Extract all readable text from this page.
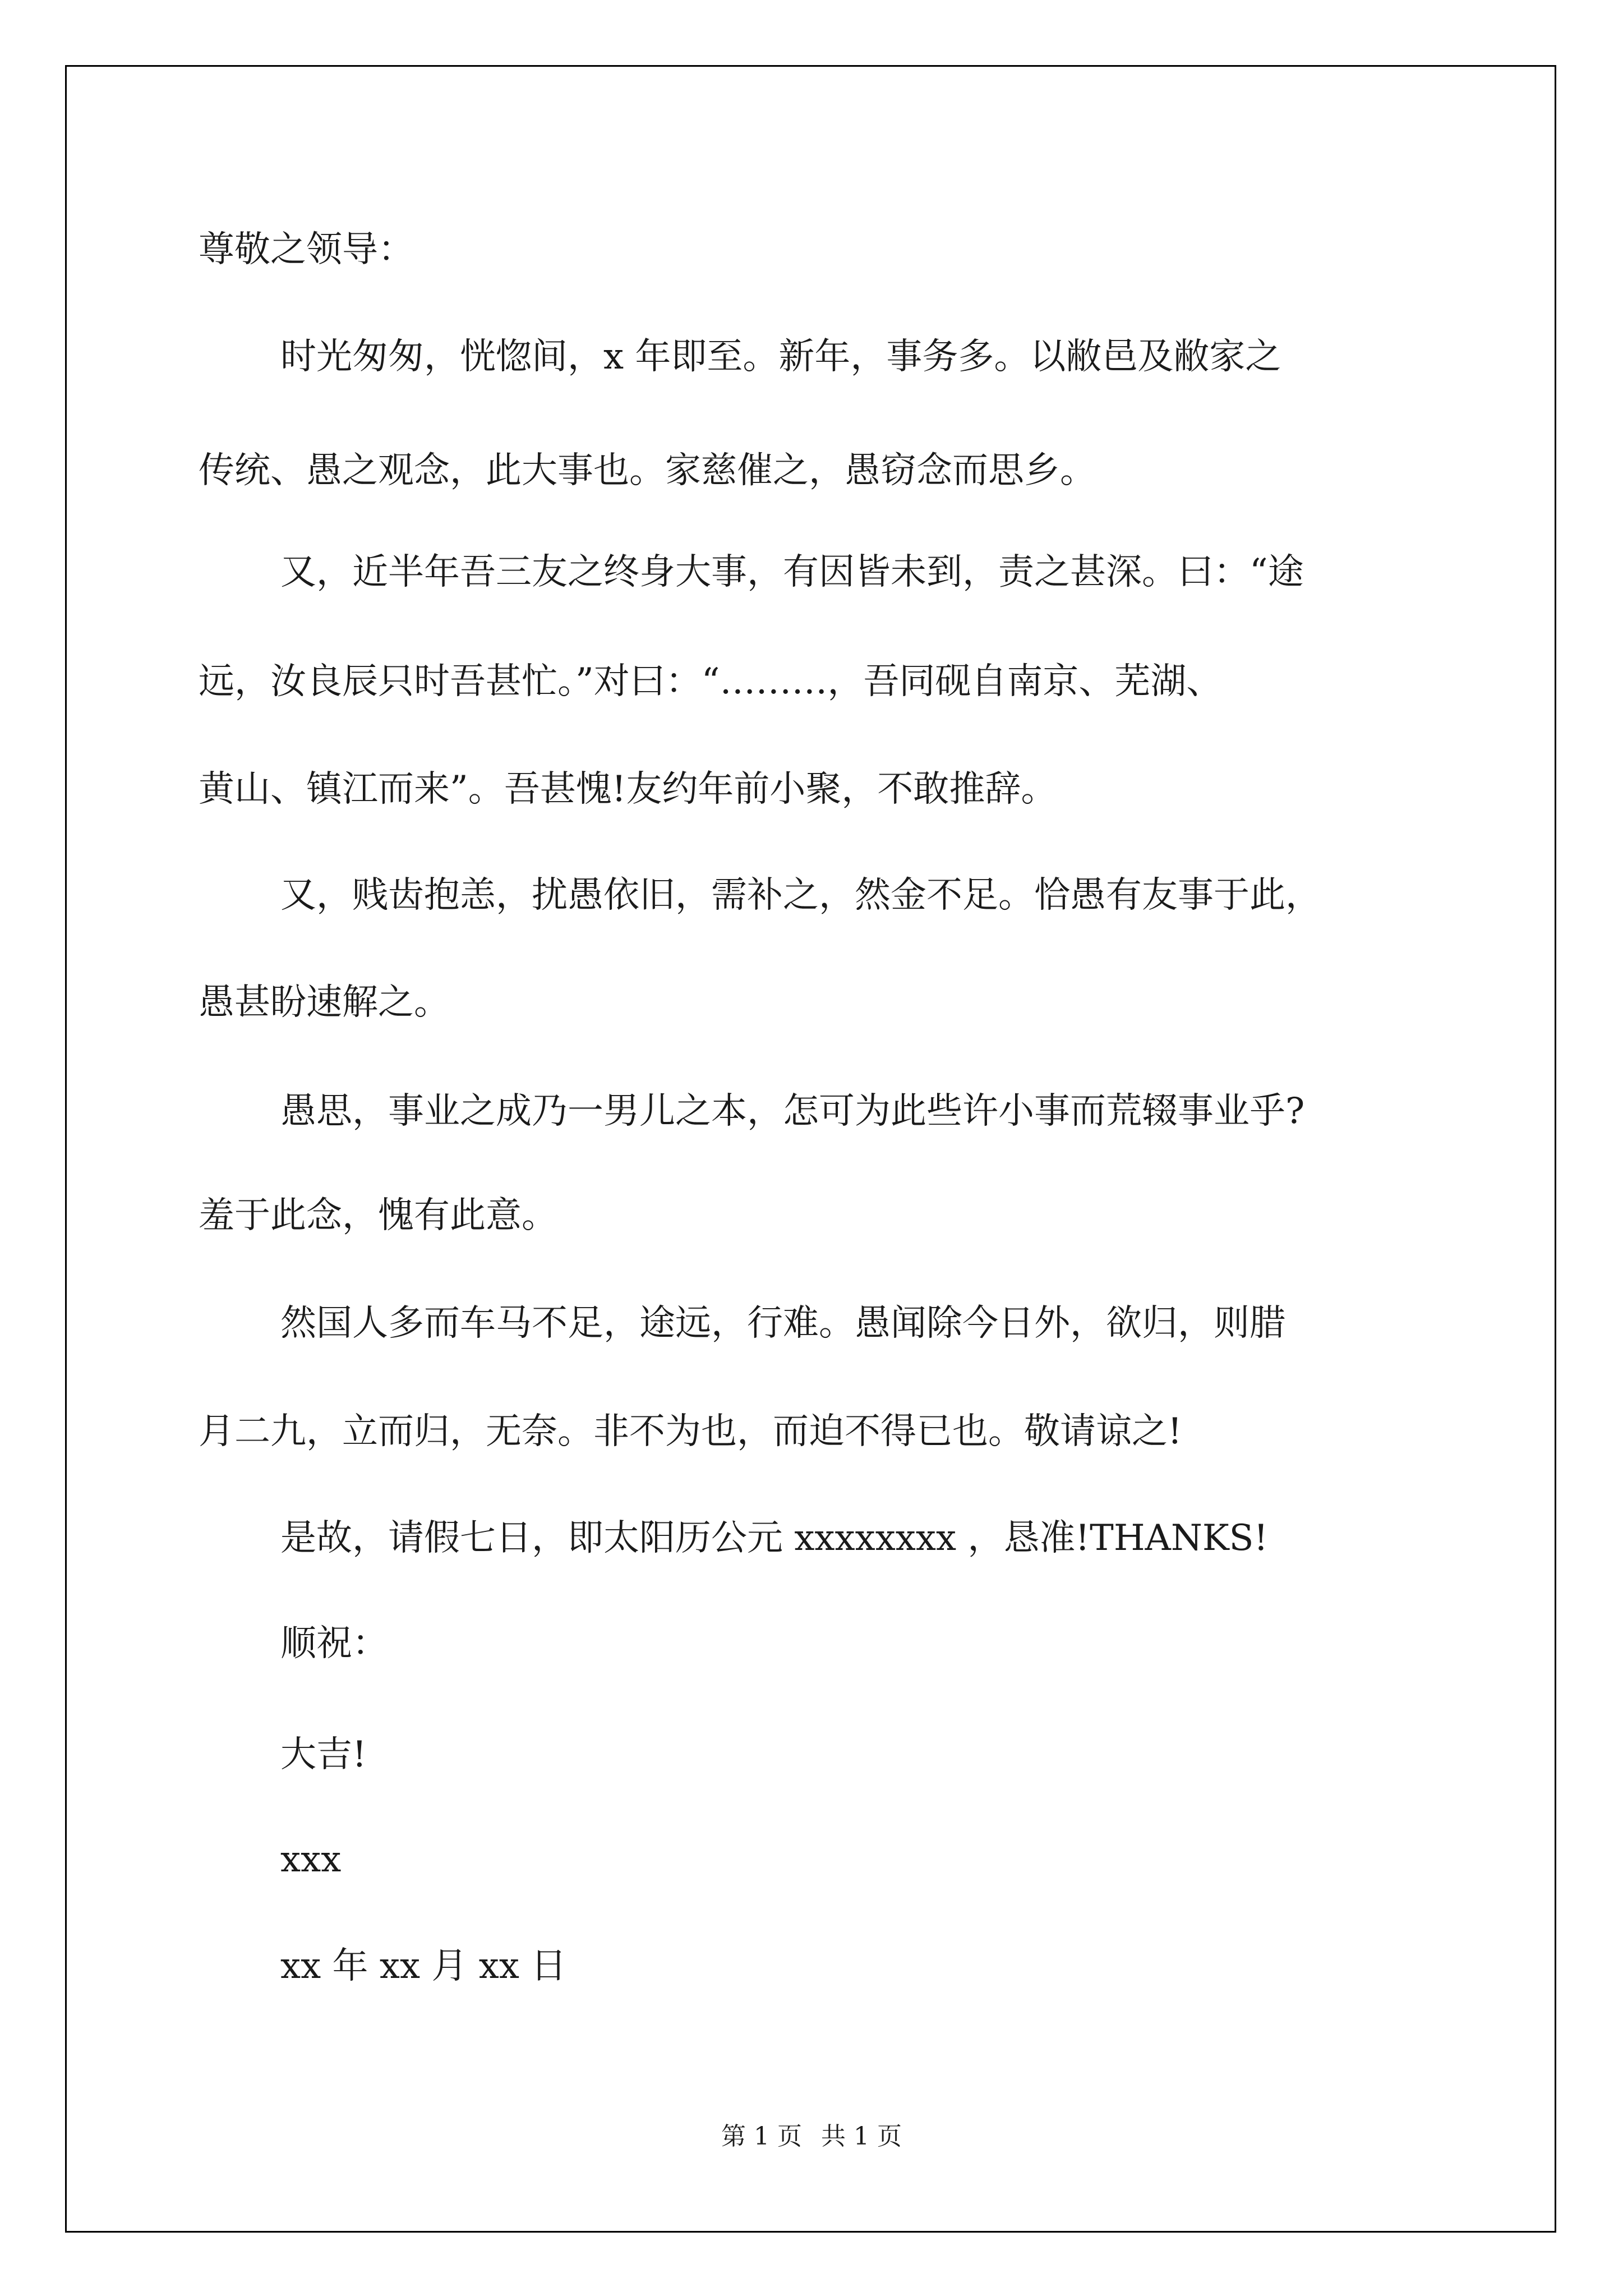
尊敬之领导：
时光匆匆，恍惚间，x 年即至。新年，事务多。以敝邑及敝家之
传统、愚之观念，此大事也。家慈催之，愚窃念而思乡。
又，近半年吾三友之终身大事，有因皆未到，责之甚深。曰：“途
远，汝良辰只时吾甚忙。”对曰：“………，吾同砚自南京、芜湖、
黄山、镇江而来”。吾甚愧!友约年前小聚，不敢推辞。
又，贱齿抱恙，扰愚依旧，需补之，然金不足。恰愚有友事于此，
愚甚盼速解之。
愚思，事业之成乃一男儿之本，怎可为此些许小事而荒辍事业乎?
羞于此念，愧有此意。
然国人多而车马不足，途远，行难。愚闻除今日外，欲归，则腊
月二九，立而归，无奈。非不为也，而迫不得已也。敬请谅之!
是故，请假七日，即太阳历公元 xxxxxxxx ，恳准!THANKS!
顺祝：
大吉!
xxx
xx 年 xx 月 xx 日
第 1 页 共 1 页
